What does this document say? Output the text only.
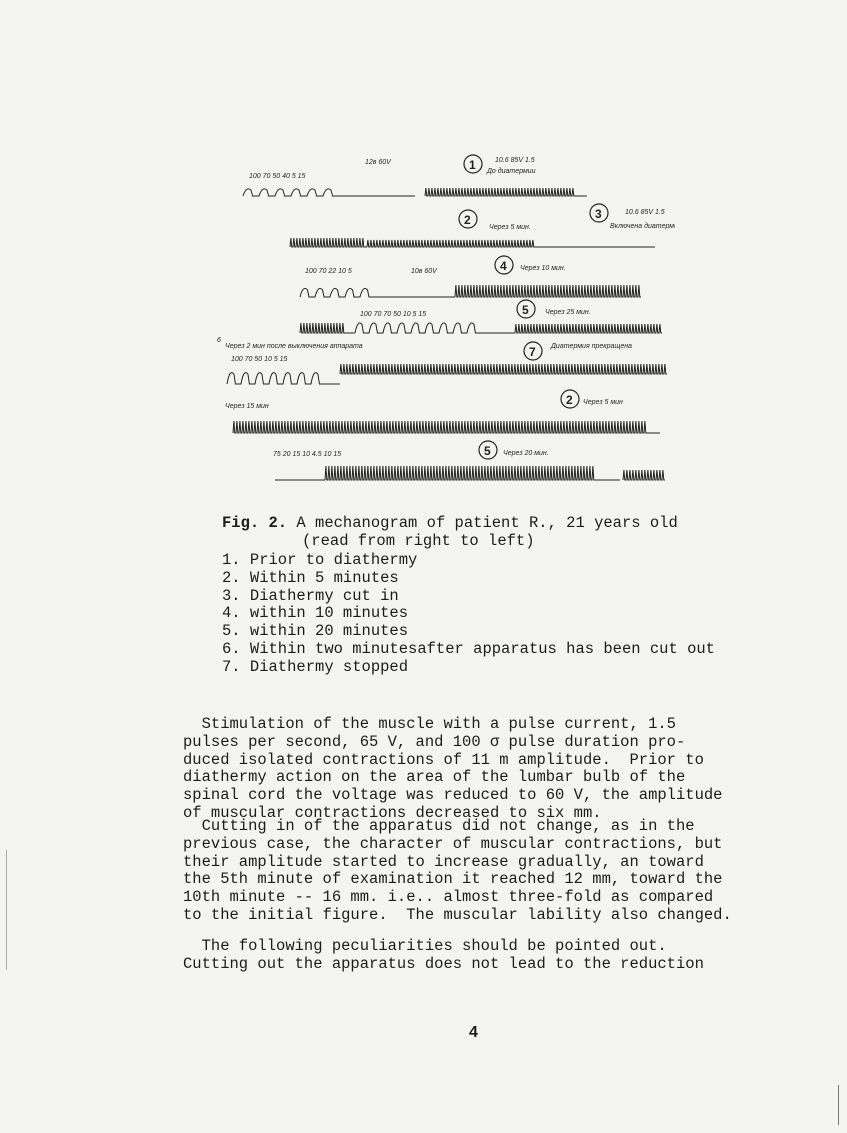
100 70 50 40 5 15
12в 60V	1	10.6 85V 1.5
До диатермии
2
Через 5 мин.
3	10.6 85V 1.5
Включена диатермия
100 70 22 10 5	10в 60V	4 Через 10 мин.
100 70 70 50 10 5 15	5 Через 25 мин.
6
Через 2 мин после выключения аппарата
100 70 50 10 5 15
7 Диатермия прекращена
Через 15 мин	2 Через 5 мин
75 20 15 10 4.5 10 15	5 Через 20 мин.
Fig. 2. A mechanogram of patient R., 21 years old
(read from right to left)
1. Prior to diathermy
2. Within 5 minutes
3. Diathermy cut in
4. within 10 minutes
5. within 20 minutes
6. Within two minutesafter apparatus has been cut out
7. Diathermy stopped
Stimulation of the muscle with a pulse current, 1.5
pulses per second, 65 V, and 100 σ pulse duration pro-
duced isolated contractions of 11 m amplitude.  Prior to
diathermy action on the area of the lumbar bulb of the
spinal cord the voltage was reduced to 60 V, the amplitude
of muscular contractions decreased to six mm.
Cutting in of the apparatus did not change, as in the
previous case, the character of muscular contractions, but
their amplitude started to increase gradually, an toward
the 5th minute of examination it reached 12 mm, toward the
10th minute -- 16 mm. i.e.. almost three-fold as compared
to the initial figure.  The muscular lability also changed.
The following peculiarities should be pointed out.
Cutting out the apparatus does not lead to the reduction
4
